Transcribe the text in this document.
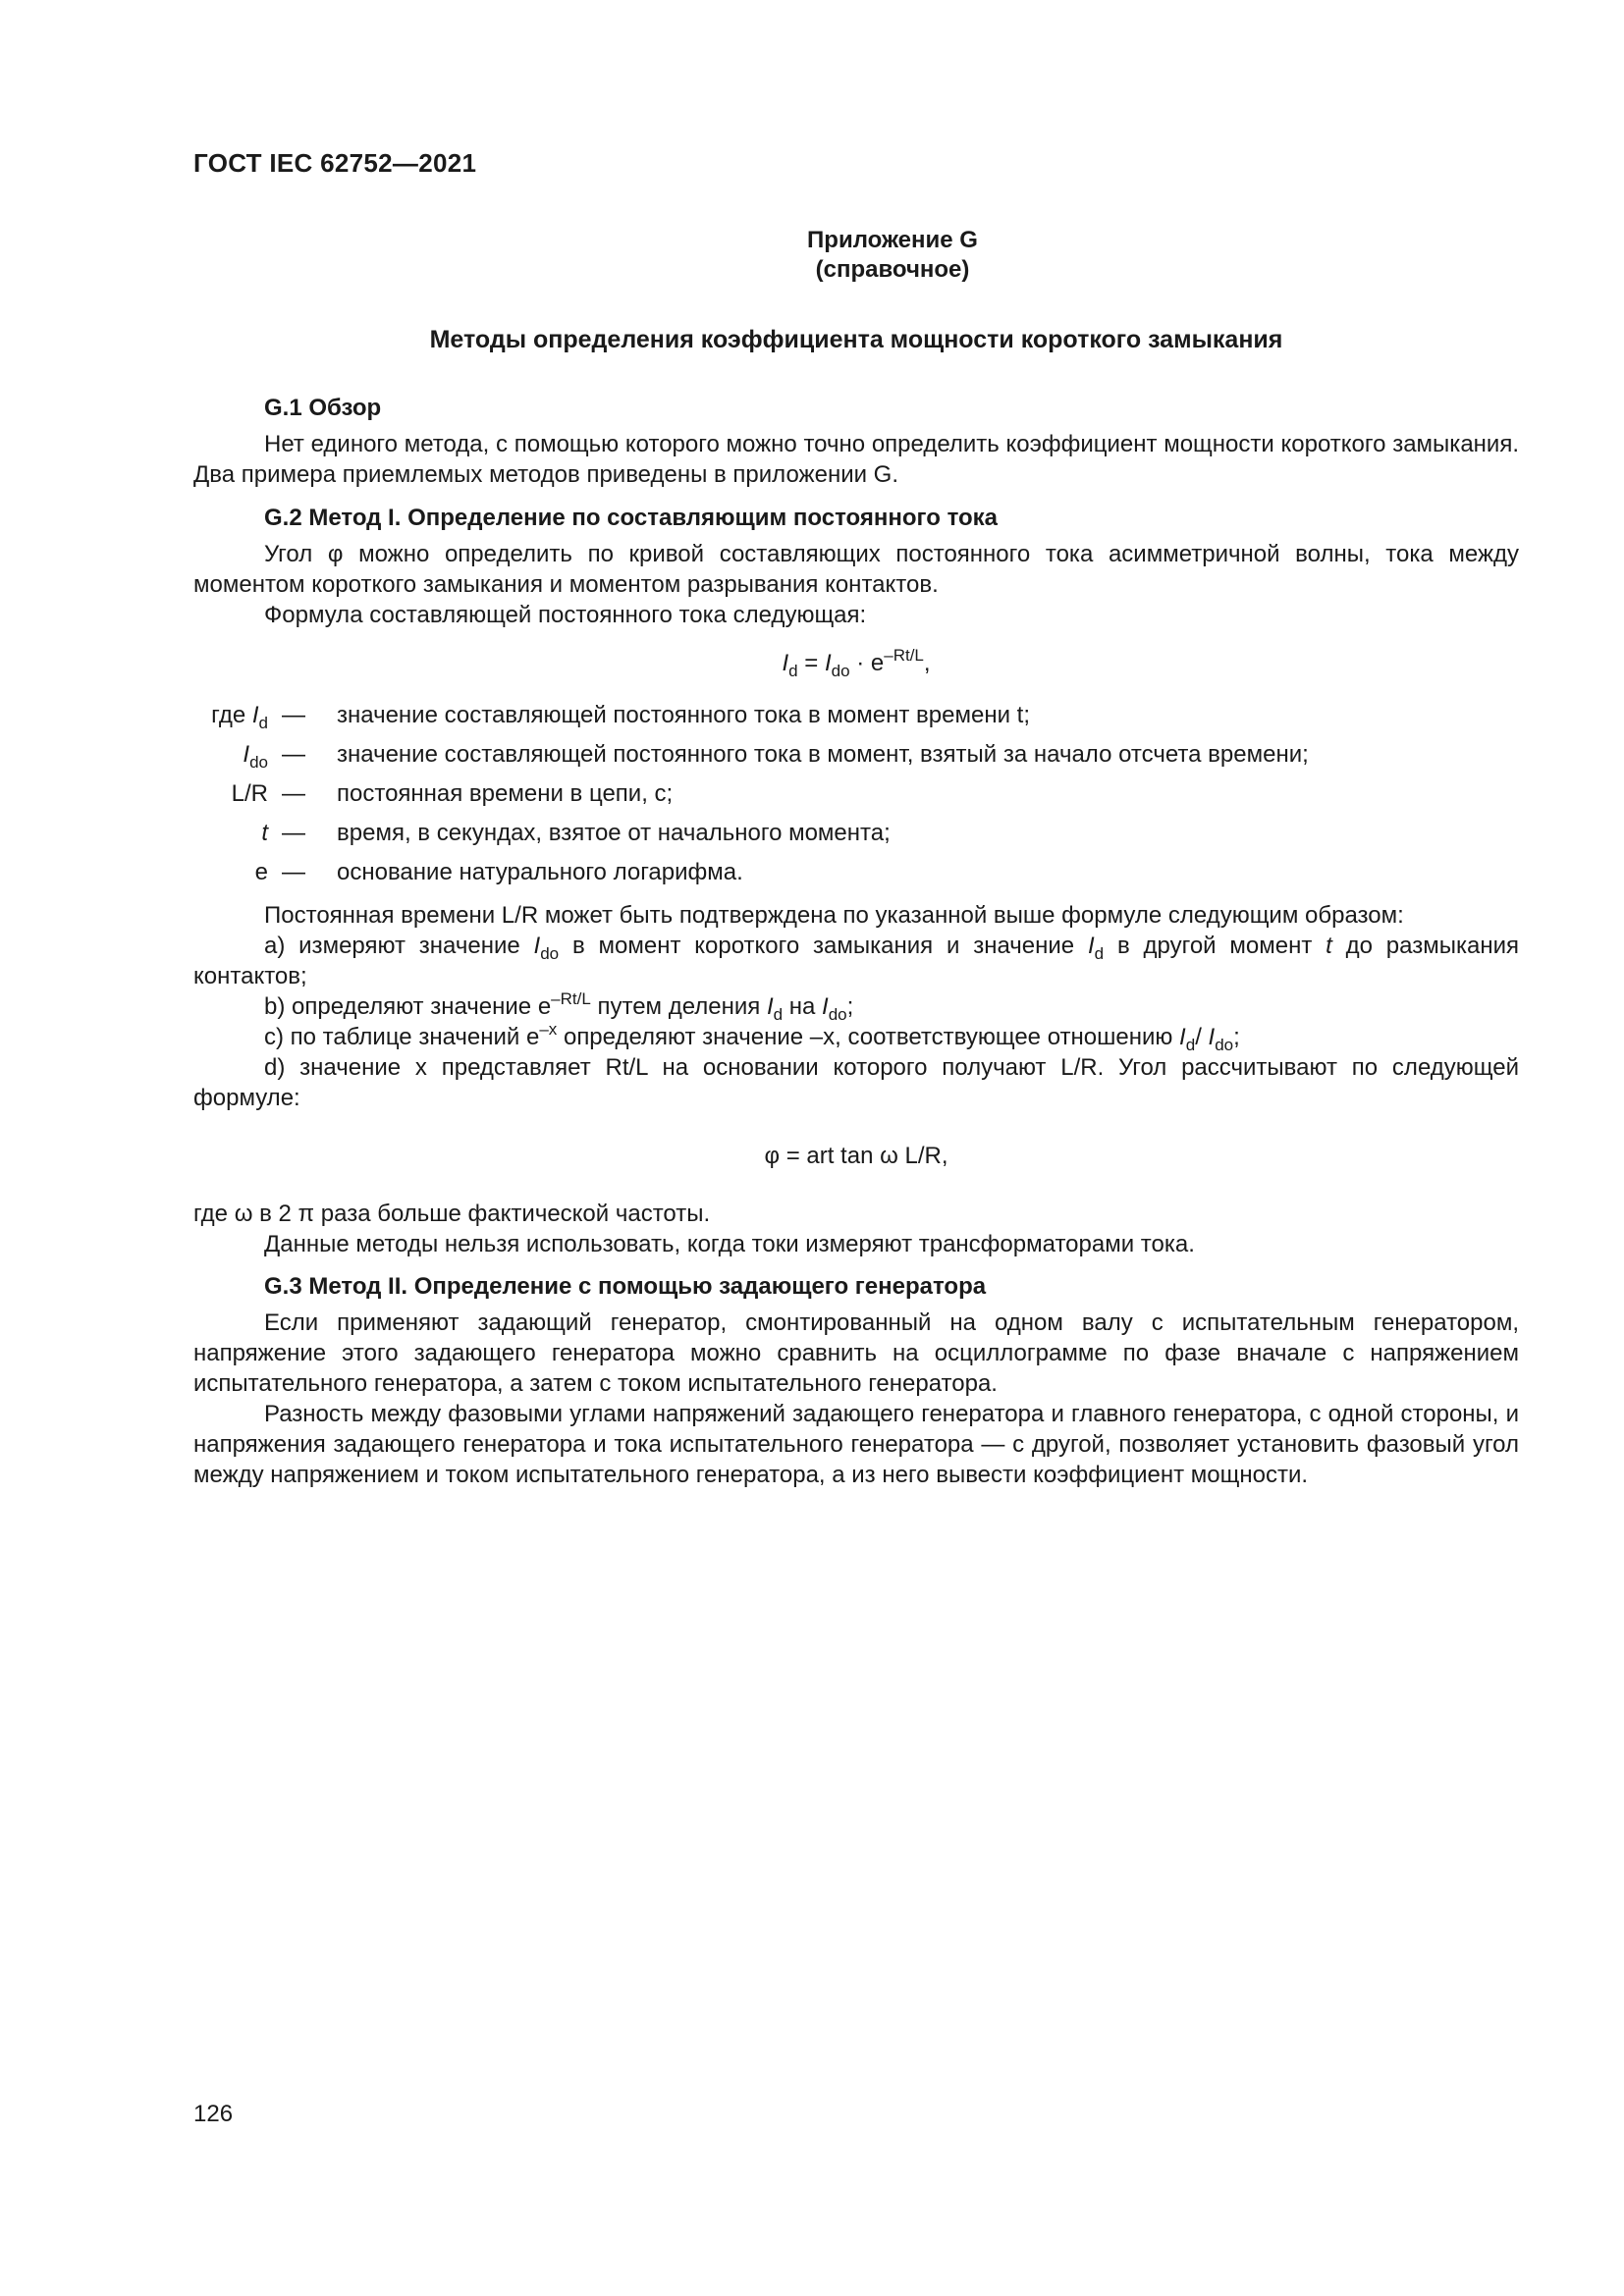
ГОСТ IEC 62752—2021
Приложение G
(справочное)
Методы определения коэффициента мощности короткого замыкания
G.1 Обзор

Нет единого метода, с помощью которого можно точно определить коэффициент мощности короткого замыкания. Два примера приемлемых методов приведены в приложении G.

G.2 Метод I. Определение по составляющим постоянного тока

Угол φ можно определить по кривой составляющих постоянного тока асимметричной волны, тока между моментом короткого замыкания и моментом разрывания контактов.

Формула составляющей постоянного тока следующая:

$I_d = I_{do} \cdot e^{-Rt/L}$,
где $I_d$ —	значение составляющей постоянного тока в момент времени t;
$I_{do}$ —	значение составляющей постоянного тока в момент, взятый за начало отсчета времени;
L/R —	постоянная времени в цепи, с;
t —	время, в секундах, взятое от начального момента;
е —	основание натурального логарифма.

Постоянная времени L/R может быть подтверждена по указанной выше формуле следующим образом:

a) измеряют значение $I_{do}$ в момент короткого замыкания и значение $I_d$ в другой момент t до размыкания контактов;

b) определяют значение $e^{-Rt/L}$ путем деления $I_d$ на $I_{do}$;

c) по таблице значений $e^{-x}$ определяют значение –x, соответствующее отношению $I_d/$ $I_{do}$;

d) значение x представляет Rt/L на основании которого получают L/R. Угол рассчитывают по следующей формуле:

φ = art tan ω L/R,

где ω в 2 π раза больше фактической частоты.

Данные методы нельзя использовать, когда токи измеряют трансформаторами тока.

G.3 Метод II. Определение с помощью задающего генератора

Если применяют задающий генератор, смонтированный на одном валу с испытательным генератором, напряжение этого задающего генератора можно сравнить на осциллограмме по фазе вначале с напряжением испытательного генератора, а затем с током испытательного генератора.

Разность между фазовыми углами напряжений задающего генератора и главного генератора, с одной стороны, и напряжения задающего генератора и тока испытательного генератора — с другой, позволяет установить фазовый угол между напряжением и током испытательного генератора, а из него вывести коэффициент мощности.

126
